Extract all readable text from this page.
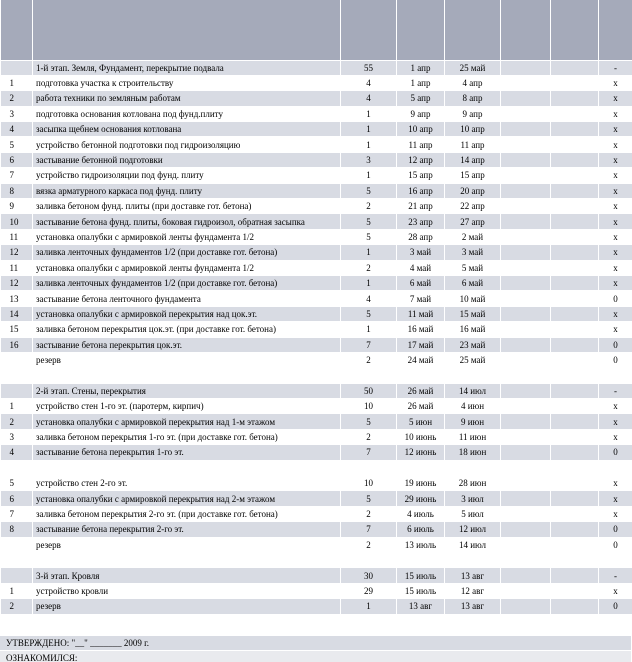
	1-й этап. Земля, Фундамент, перекрытие подвала	55	1 апр	25 май			-
1	подготовка участка к строительству	4	1 апр	4 апр			x
2	работа техники по земляным работам	4	5 апр	8 апр			x
3	подготовка основания котлована под фунд.плиту	1	9 апр	9 апр			x
4	засыпка щебнем основания котлована	1	10 апр	10 апр			x
5	устройство бетонной подготовки под гидроизоляцию	1	11 апр	11 апр			x
6	застывание бетонной подготовки	3	12 апр	14 апр			x
7	устройство гидроизоляции под фунд. плиту	1	15 апр	15 апр			x
8	вязка арматурного каркаса под фунд. плиту	5	16 апр	20 апр			x
9	заливка бетоном фунд. плиты (при доставке гот. бетона)	2	21 апр	22 апр			x
10	застывание бетона фунд. плиты, боковая гидроизол, обратная засыпка	5	23 апр	27 апр			x
11	установка опалубки с армировкой ленты фундамента 1/2	5	28 апр	2 май			x
12	заливка ленточных фундаментов 1/2 (при доставке гот. бетона)	1	3 май	3 май			x
11	установка опалубки с армировкой ленты фундамента 1/2	2	4 май	5 май			x
12	заливка ленточных фундаментов 1/2 (при доставке гот. бетона)	1	6 май	6 май			x
13	застывание бетона ленточного фундамента	4	7 май	10 май			0
14	установка опалубки с армировкой перекрытия над цок.эт.	5	11 май	15 май			x
15	заливка бетоном перекрытия цок.эт. (при доставке гот. бетона)	1	16 май	16 май			x
16	застывание бетона перекрытия цок.эт.	7	17 май	23 май			0
	резерв	2	24 май	25 май			0

	2-й этап. Стены, перекрытия	50	26 май	14 июл			-
1	устройство стен 1-го эт. (паротерм, кирпич)	10	26 май	4 июн			x
2	установка опалубки с армировкой перекрытия над 1-м этажом	5	5 июн	9 июн			x
3	заливка бетоном перекрытия 1-го эт. (при доставке гот. бетона)	2	10 июнь	11 июн			x
4	застывание бетона перекрытия 1-го эт.	7	12 июнь	18 июн			0

5	устройство стен 2-го эт.	10	19 июнь	28 июн			x
6	установка опалубки с армировкой перекрытия над 2-м этажом	5	29 июнь	3 июл			x
7	заливка бетоном перекрытия 2-го эт. (при доставке гот. бетона)	2	4 июль	5 июл			x
8	застывание бетона перекрытия 2-го эт.	7	6 июль	12 июл			0
	резерв	2	13 июль	14 июл			0

	3-й этап. Кровля	30	15 июль	13 авг			-
1	устройство кровли	29	15 июль	12 авг			x
2	резерв	1	13 авг	13 авг			0

УТВЕРЖДЕНО: "__" _______ 2009 г.
ОЗНАКОМИЛСЯ:
